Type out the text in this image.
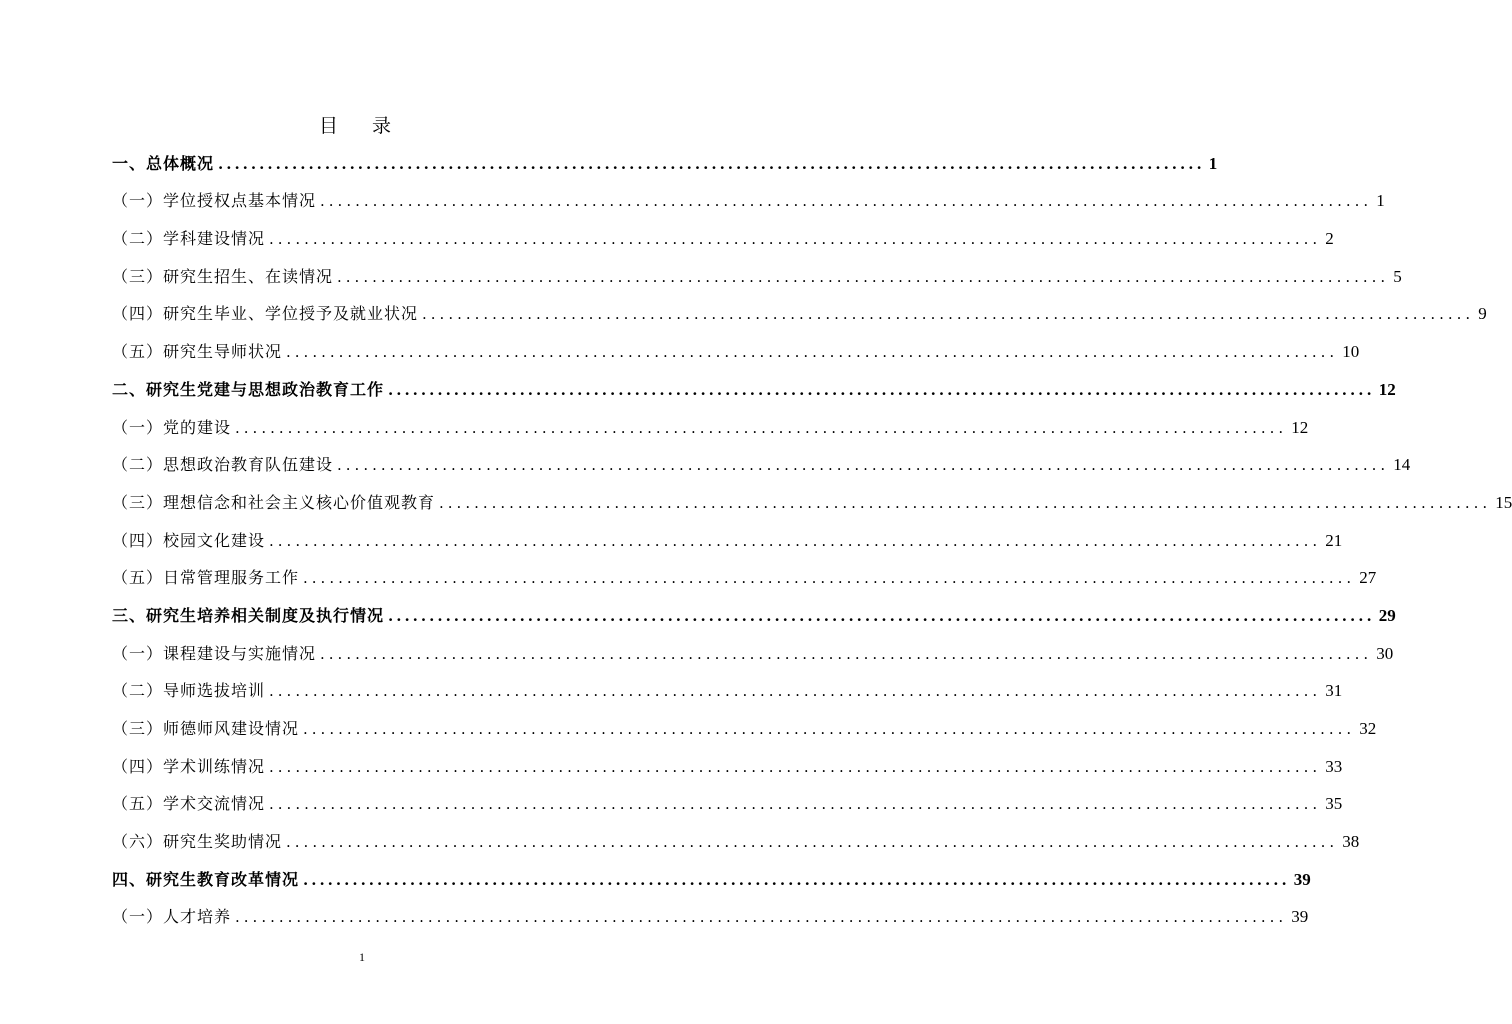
目 录
一、总体概况 ........................................................................................................................ 1
（一）学位授权点基本情况 ........................................................................................................................ 1
（二）学科建设情况 ........................................................................................................................ 2
（三）研究生招生、在读情况 ........................................................................................................................ 5
（四）研究生毕业、学位授予及就业状况 ........................................................................................................................ 9
（五）研究生导师状况 ........................................................................................................................ 10
二、研究生党建与思想政治教育工作 ........................................................................................................................ 12
（一）党的建设 ........................................................................................................................ 12
（二）思想政治教育队伍建设 ........................................................................................................................ 14
（三）理想信念和社会主义核心价值观教育 ........................................................................................................................ 15
（四）校园文化建设 ........................................................................................................................ 21
（五）日常管理服务工作 ........................................................................................................................ 27
三、研究生培养相关制度及执行情况 ........................................................................................................................ 29
（一）课程建设与实施情况 ........................................................................................................................ 30
（二）导师选拔培训 ........................................................................................................................ 31
（三）师德师风建设情况 ........................................................................................................................ 32
（四）学术训练情况 ........................................................................................................................ 33
（五）学术交流情况 ........................................................................................................................ 35
（六）研究生奖助情况 ........................................................................................................................ 38
四、研究生教育改革情况 ........................................................................................................................ 39
（一）人才培养 ........................................................................................................................ 39
1
